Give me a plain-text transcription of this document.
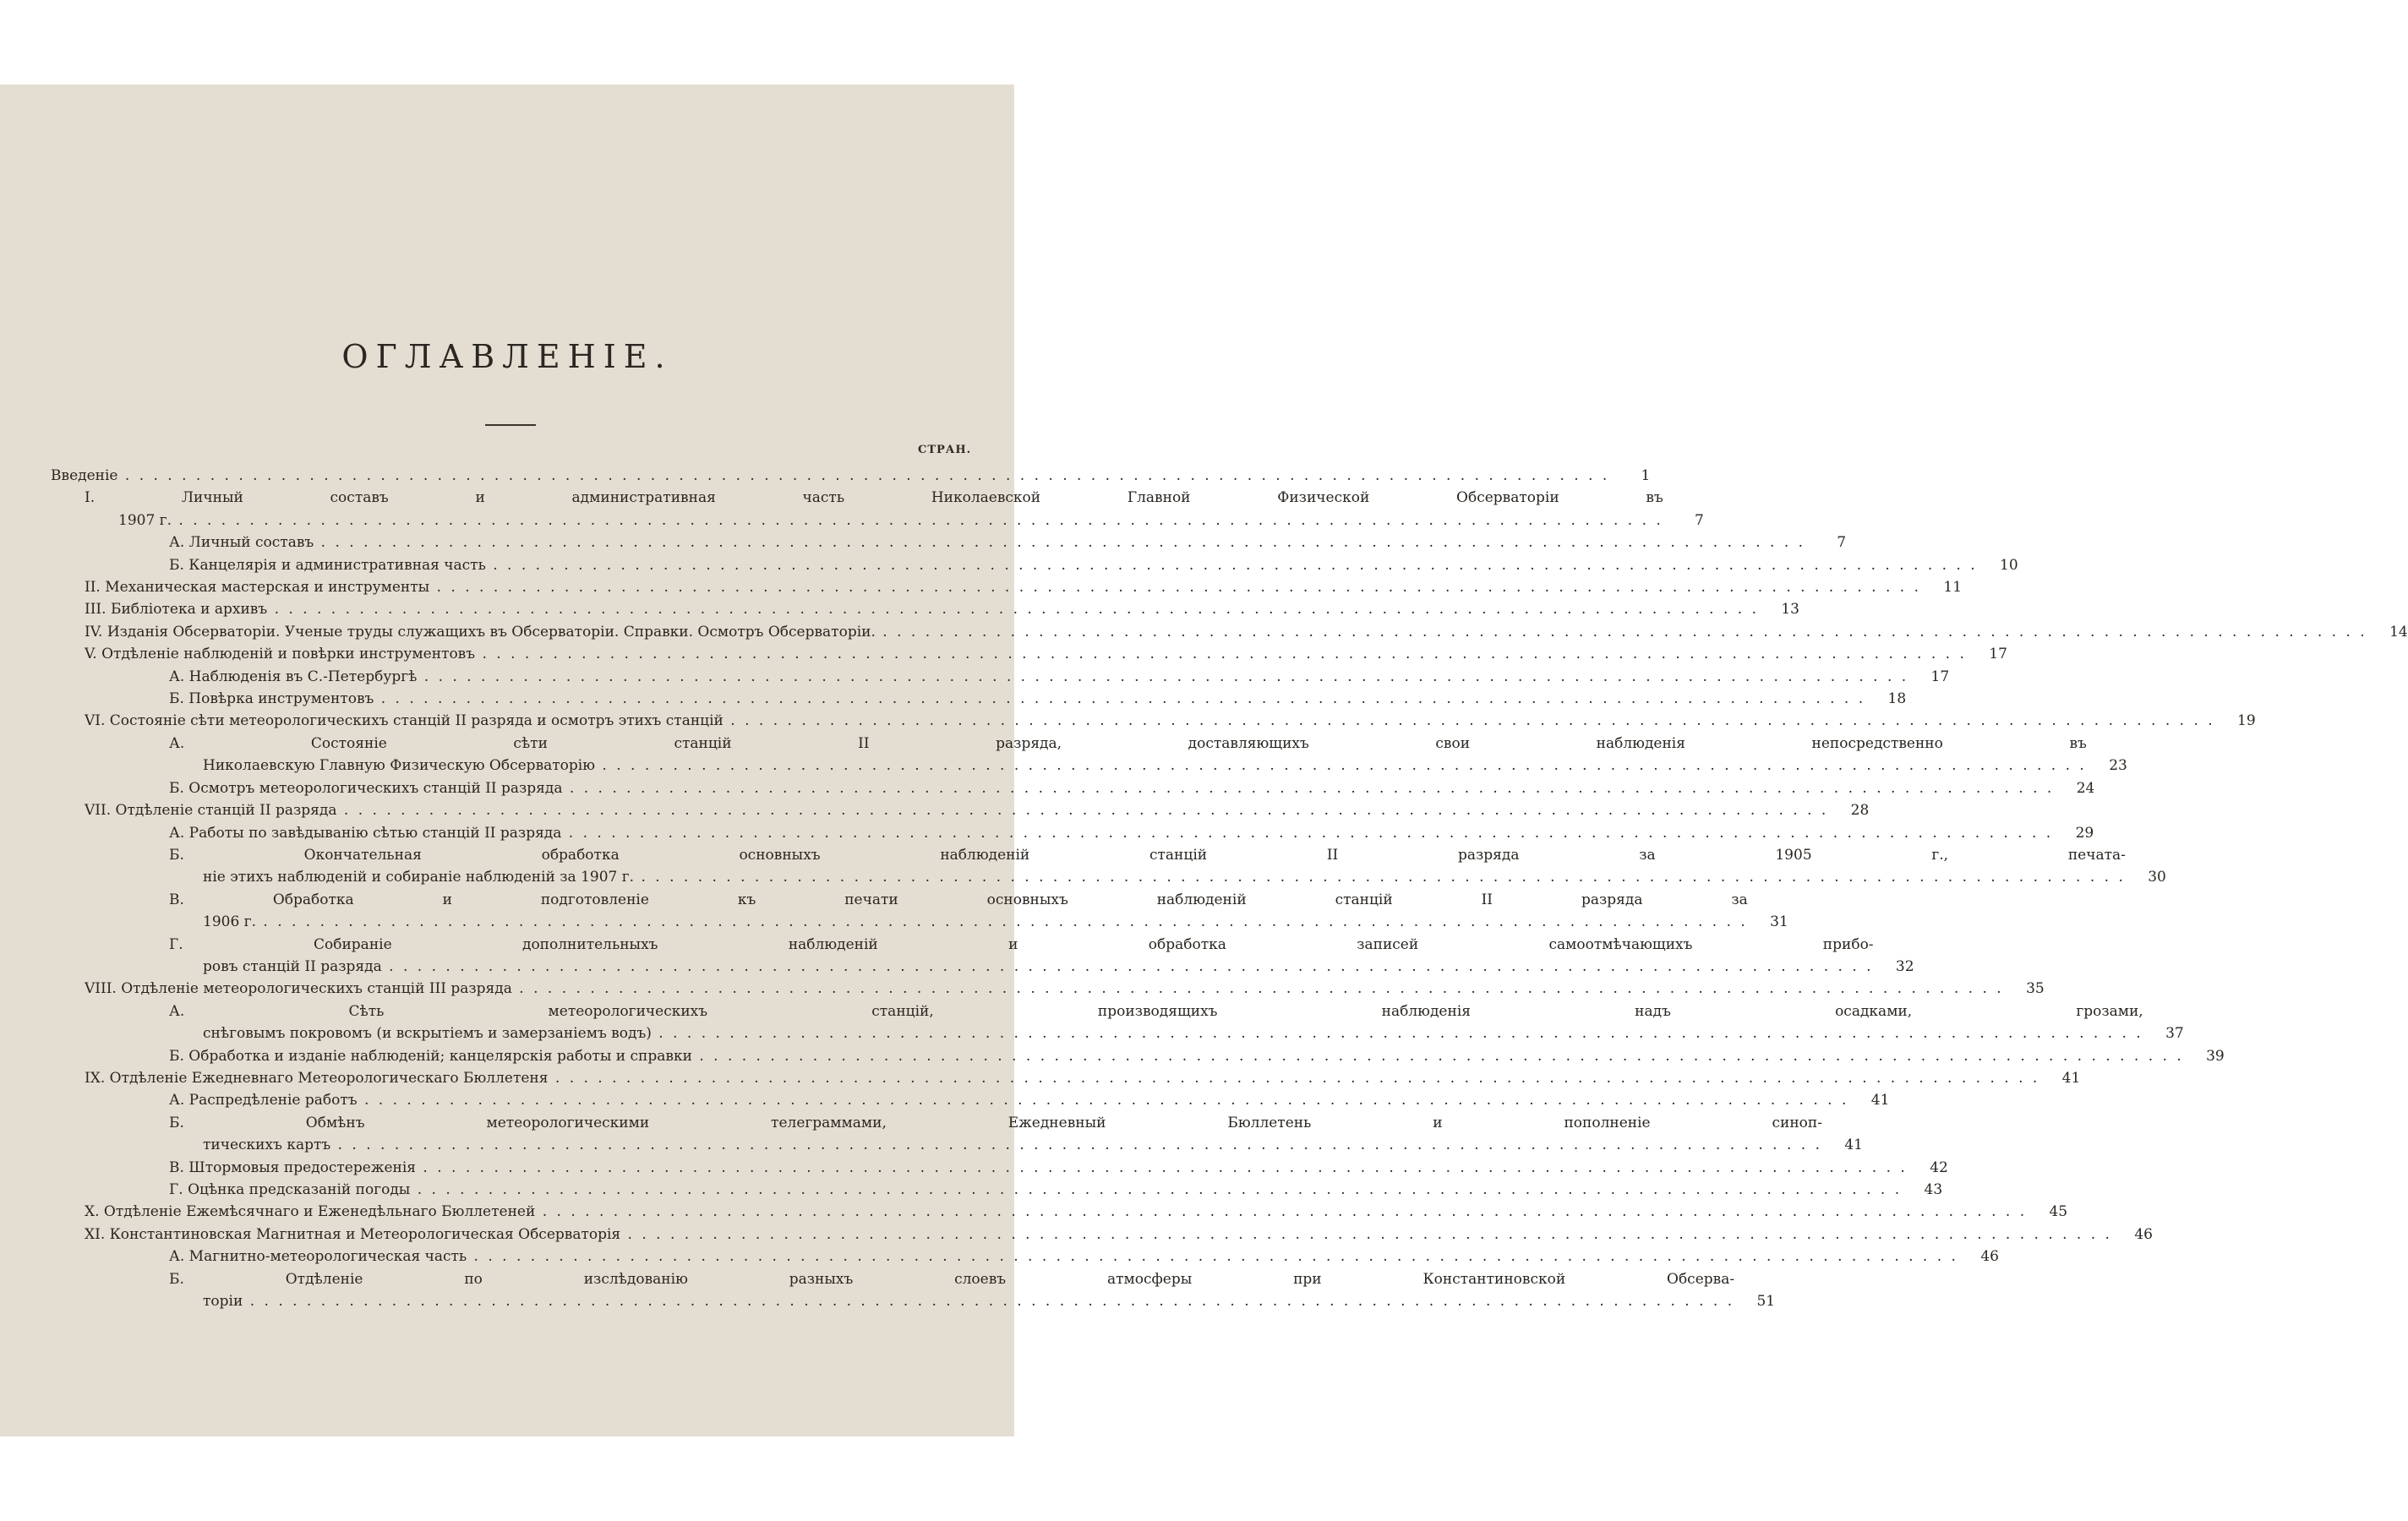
ОГЛАВЛЕНІЕ.
СТРАН.
Введеніе . . .	1
I. Личный составъ и административная часть Николаевской Главной Физической Обсерваторіи въ
1907 г. . . .	7
А. Личный составъ . . .	7
Б. Канцелярія и административная часть . . .	10
II. Механическая мастерская и инструменты . . .	11
III. Библіотека и архивъ . . .	13
IV. Изданія Обсерваторіи. Ученые труды служащихъ въ Обсерваторіи. Справки. Осмотръ Обсерваторіи. . . .	14
V. Отдѣленіе наблюденій и повѣрки инструментовъ . . .	17
А. Наблюденія въ С.-Петербургѣ . . .	17
Б. Повѣрка инструментовъ . . .	18
VI. Состояніе сѣти метеорологическихъ станцій II разряда и осмотръ этихъ станцій . . .	19
А. Состояніе сѣти станцій II разряда, доставляющихъ свои наблюденія непосредственно въ
Николаевскую Главную Физическую Обсерваторію . . .	23
Б. Осмотръ метеорологическихъ станцій II разряда . . .	24
VII. Отдѣленіе станцій II разряда . . .	28
А. Работы по завѣдыванію сѣтью станцій II разряда . . .	29
Б. Окончательная обработка основныхъ наблюденій станцій II разряда за 1905 г., печата-
ніе этихъ наблюденій и собираніе наблюденій за 1907 г. . . .	30
В. Обработка и подготовленіе къ печати основныхъ наблюденій станцій II разряда за
1906 г. . . .	31
Г. Собираніе дополнительныхъ наблюденій и обработка записей самоотмѣчающихъ прибо-
ровъ станцій II разряда . . .	32
VIII. Отдѣленіе метеорологическихъ станцій III разряда . . .	35
А. Сѣть метеорологическихъ станцій, производящихъ наблюденія надъ осадками, грозами,
снѣговымъ покровомъ (и вскрытіемъ и замерзаніемъ водъ) . . .	37
Б. Обработка и изданіе наблюденій; канцелярскія работы и справки . . .	39
IX. Отдѣленіе Ежедневнаго Метеорологическаго Бюллетеня . . .	41
А. Распредѣленіе работъ . . .	41
Б. Обмѣнъ метеорологическими телеграммами, Ежедневный Бюллетень и пополненіе синоп-
тическихъ картъ . . .	41
В. Штормовыя предостереженія . . .	42
Г. Оцѣнка предсказаній погоды . . .	43
X. Отдѣленіе Ежемѣсячнаго и Еженедѣльнаго Бюллетеней . . .	45
XI. Константиновская Магнитная и Метеорологическая Обсерваторія . . .	46
А. Магнитно-метеорологическая часть . . .	46
Б. Отдѣленіе по изслѣдованію разныхъ слоевъ атмосферы при Константиновской Обсерва-
торіи . . .	51
